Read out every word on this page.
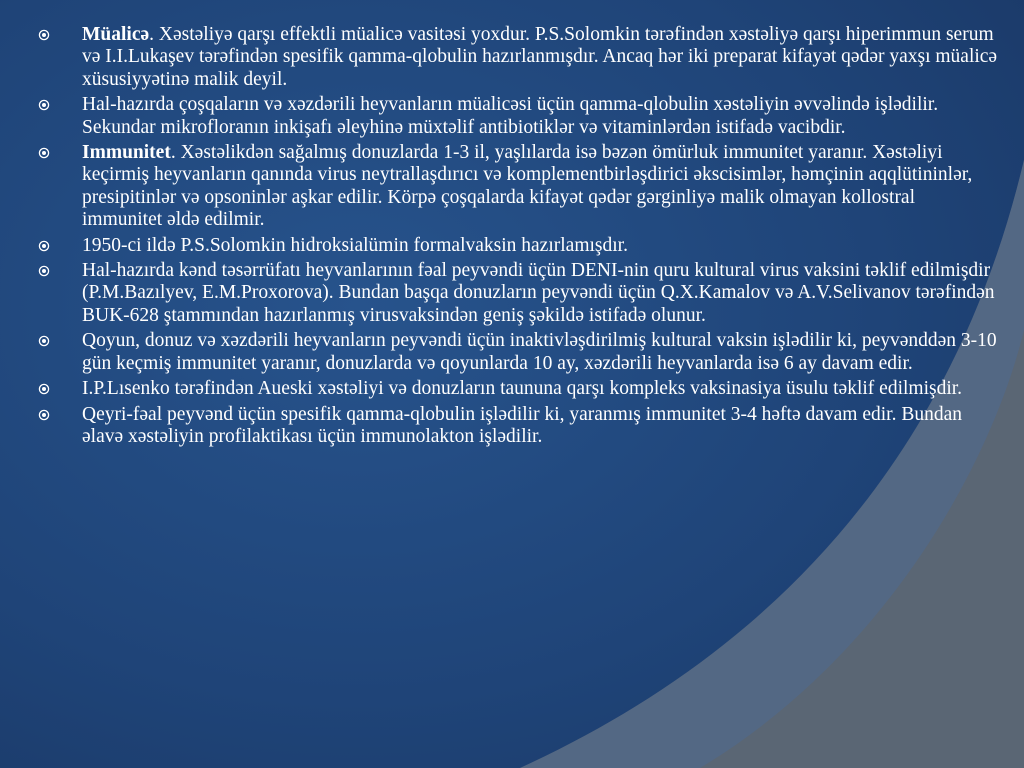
Müalicə. Xəstəliyə qarşı effektli müalicə vasitəsi yoxdur. P.S.Solomkin tərəfindən xəstəliyə qarşı hiperimmun serum və I.I.Lukaşev tərəfindən spesifik qamma-qlobulin hazırlanmışdır. Ancaq hər iki preparat kifayət qədər yaxşı müalicə xüsusiyyətinə malik deyil.
Hal-hazırda çoşqaların və xəzdərili heyvanların müalicəsi üçün qamma-qlobulin xəstəliyin əvvəlində işlədilir. Sekundar mikrofloranın inkişafı əleyhinə müxtəlif antibiotiklər və vitaminlərdən istifadə vacibdir.
Immunitet. Xəstəlikdən sağalmış donuzlarda 1-3 il, yaşlılarda isə bəzən ömürluk immunitet yaranır. Xəstəliyi keçirmiş heyvanların qanında virus neytrallaşdırıcı və komplementbirləşdirici əkscisimlər, həmçinin aqqlütininlər, presipitinlər və opsoninlər aşkar edilir. Körpə çoşqalarda kifayət qədər gərginliyə malik olmayan kollostral immunitet əldə edilmir.
1950-ci ildə P.S.Solomkin hidroksialümin formalvaksin hazırlamışdır.
Hal-hazırda kənd təsərrüfatı heyvanlarının fəal peyvəndi üçün DENI-nin quru kultural virus vaksini təklif edilmişdir (P.M.Bazılyev, E.M.Proxorova). Bundan başqa donuzların peyvəndi üçün Q.X.Kamalov və A.V.Selivanov tərəfindən BUK-628 ştammından hazırlanmış virusvaksindən geniş şəkildə istifadə olunur.
Qoyun, donuz və xəzdərili heyvanların peyvəndi üçün inaktivləşdirilmiş kultural vaksin işlədilir ki, peyvənddən 3-10 gün keçmiş immunitet yaranır, donuzlarda və qoyunlarda 10 ay, xəzdərili heyvanlarda isə 6 ay davam edir.
I.P.Lısenko tərəfindən Aueski xəstəliyi və donuzların taununa qarşı kompleks vaksinasiya üsulu təklif edilmişdir.
Qeyri-fəal peyvənd üçün spesifik qamma-qlobulin işlədilir ki, yaranmış immunitet 3-4 həftə davam edir. Bundan əlavə xəstəliyin profilaktikası üçün immunolakton işlədilir.
